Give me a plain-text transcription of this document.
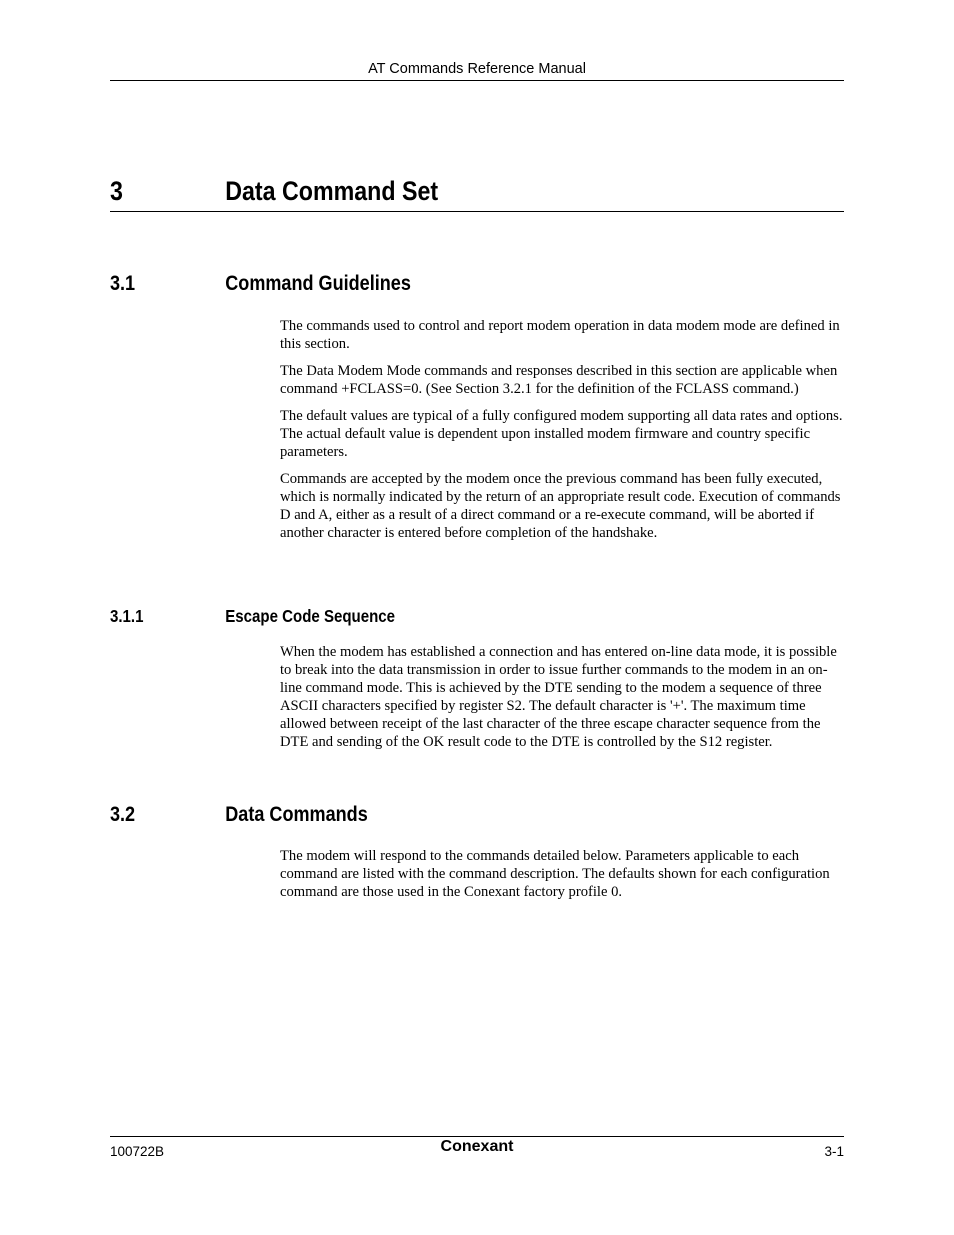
AT Commands Reference Manual
3	Data Command Set
3.1	Command Guidelines

The commands used to control and report modem operation in data modem mode are defined in this section.

The Data Modem Mode commands and responses described in this section are applicable when command +FCLASS=0. (See Section 3.2.1 for the definition of the FCLASS command.)

The default values are typical of a fully configured modem supporting all data rates and options. The actual default value is dependent upon installed modem firmware and country specific parameters.

Commands are accepted by the modem once the previous command has been fully executed, which is normally indicated by the return of an appropriate result code. Execution of commands D and A, either as a result of a direct command or a re-execute command, will be aborted if another character is entered before completion of the handshake.

3.1.1	Escape Code Sequence

When the modem has established a connection and has entered on-line data mode, it is possible to break into the data transmission in order to issue further commands to the modem in an on-line command mode. This is achieved by the DTE sending to the modem a sequence of three ASCII characters specified by register S2. The default character is '+'. The maximum time allowed between receipt of the last character of the three escape character sequence from the DTE and sending of the OK result code to the DTE is controlled by the S12 register.

3.2	Data Commands

The modem will respond to the commands detailed below. Parameters applicable to each command are listed with the command description. The defaults shown for each configuration command are those used in the Conexant factory profile 0.

100722B	Conexant	3-1
